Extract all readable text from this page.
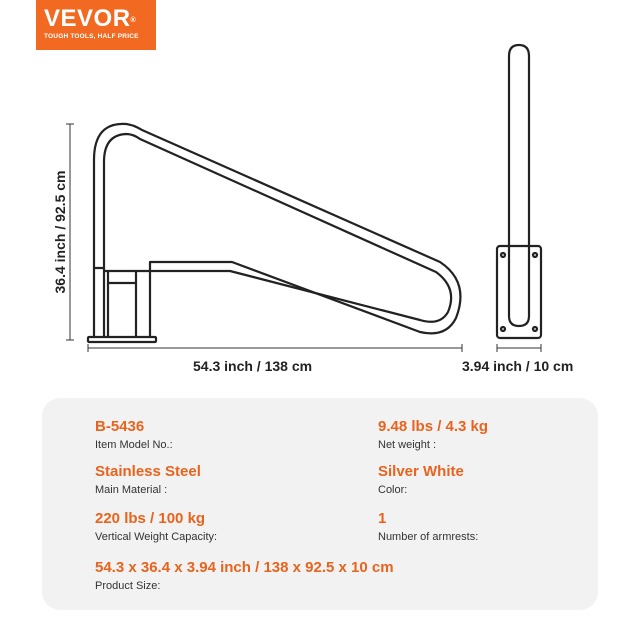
VEVOR®
TOUGH TOOLS, HALF PRICE
36.4 inch / 92.5 cm
54.3 inch / 138 cm	3.94 inch / 10 cm
B-5436
Item Model No.:
9.48 lbs / 4.3 kg
Net weight :
Stainless Steel
Main Material :
Silver White
Color:
220 lbs / 100 kg
Vertical Weight Capacity:
1
Number of armrests:
54.3 x 36.4 x 3.94 inch / 138 x 92.5 x 10 cm
Product Size:
